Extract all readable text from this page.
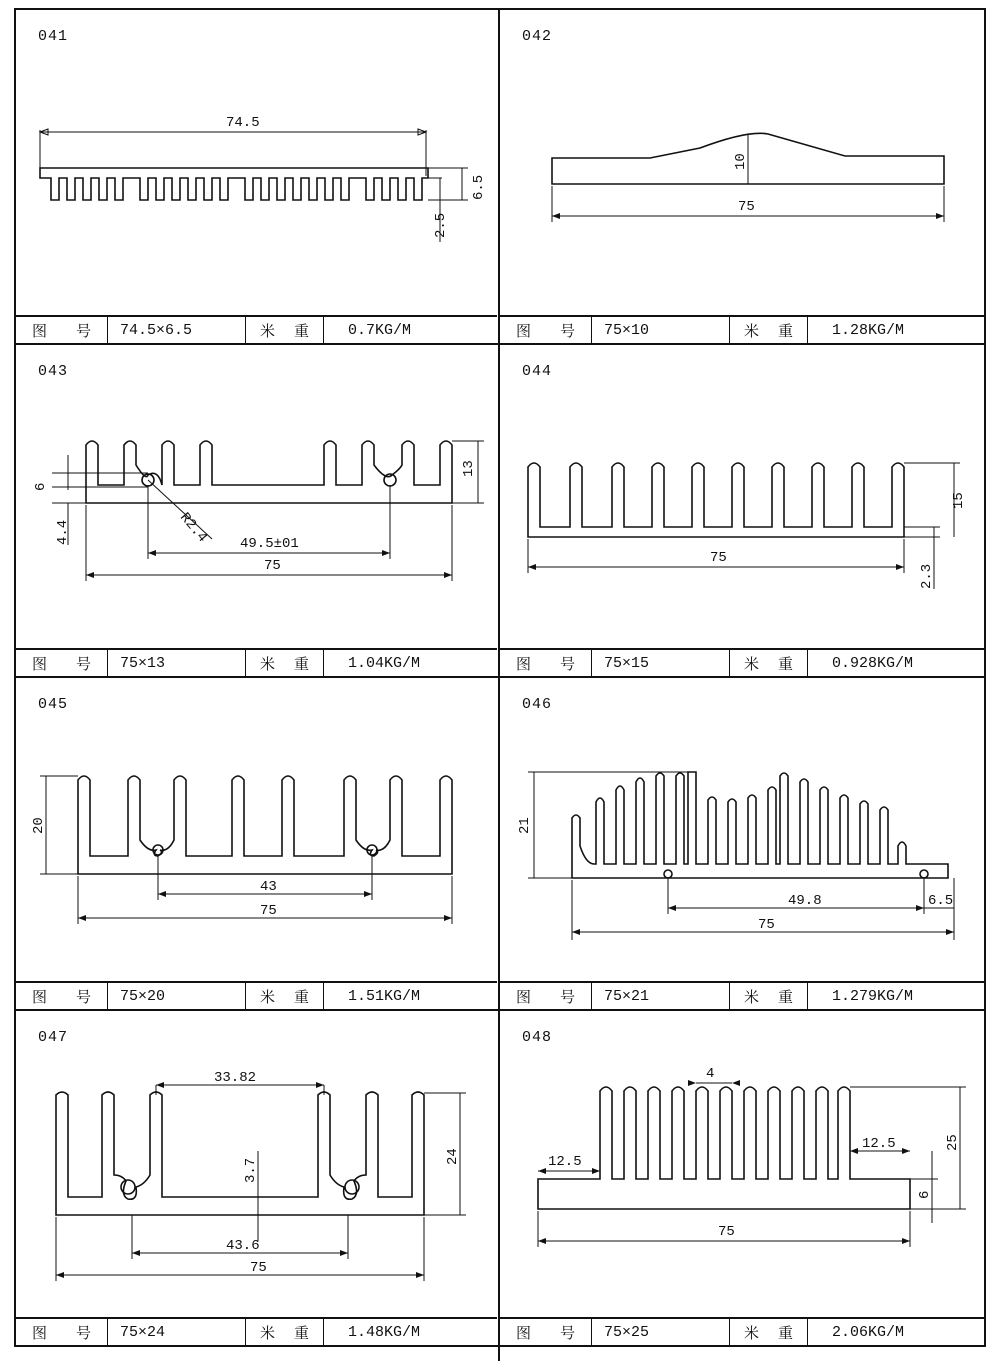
041
74.5
6.5
2.5
图 号	74.5×6.5	米 重	0.7KG/M
042
10
75
图 号	75×10	米 重	1.28KG/M
043
13
6
4.4	R2.4 49.5±01
75
图 号	75×13	米 重	1.04KG/M
044
15
2.3
75
图 号	75×15	米 重	0.928KG/M
045
20
43
75
图 号	75×20	米 重	1.51KG/M
046
21
49.8	6.5
75
图 号	75×21	米 重	1.279KG/M
047
33.82
3.7
24
43.6
75
图 号	75×24	米 重	1.48KG/M
048
4
12.5
12.5	25
6
75
图 号	75×25	米 重	2.06KG/M
